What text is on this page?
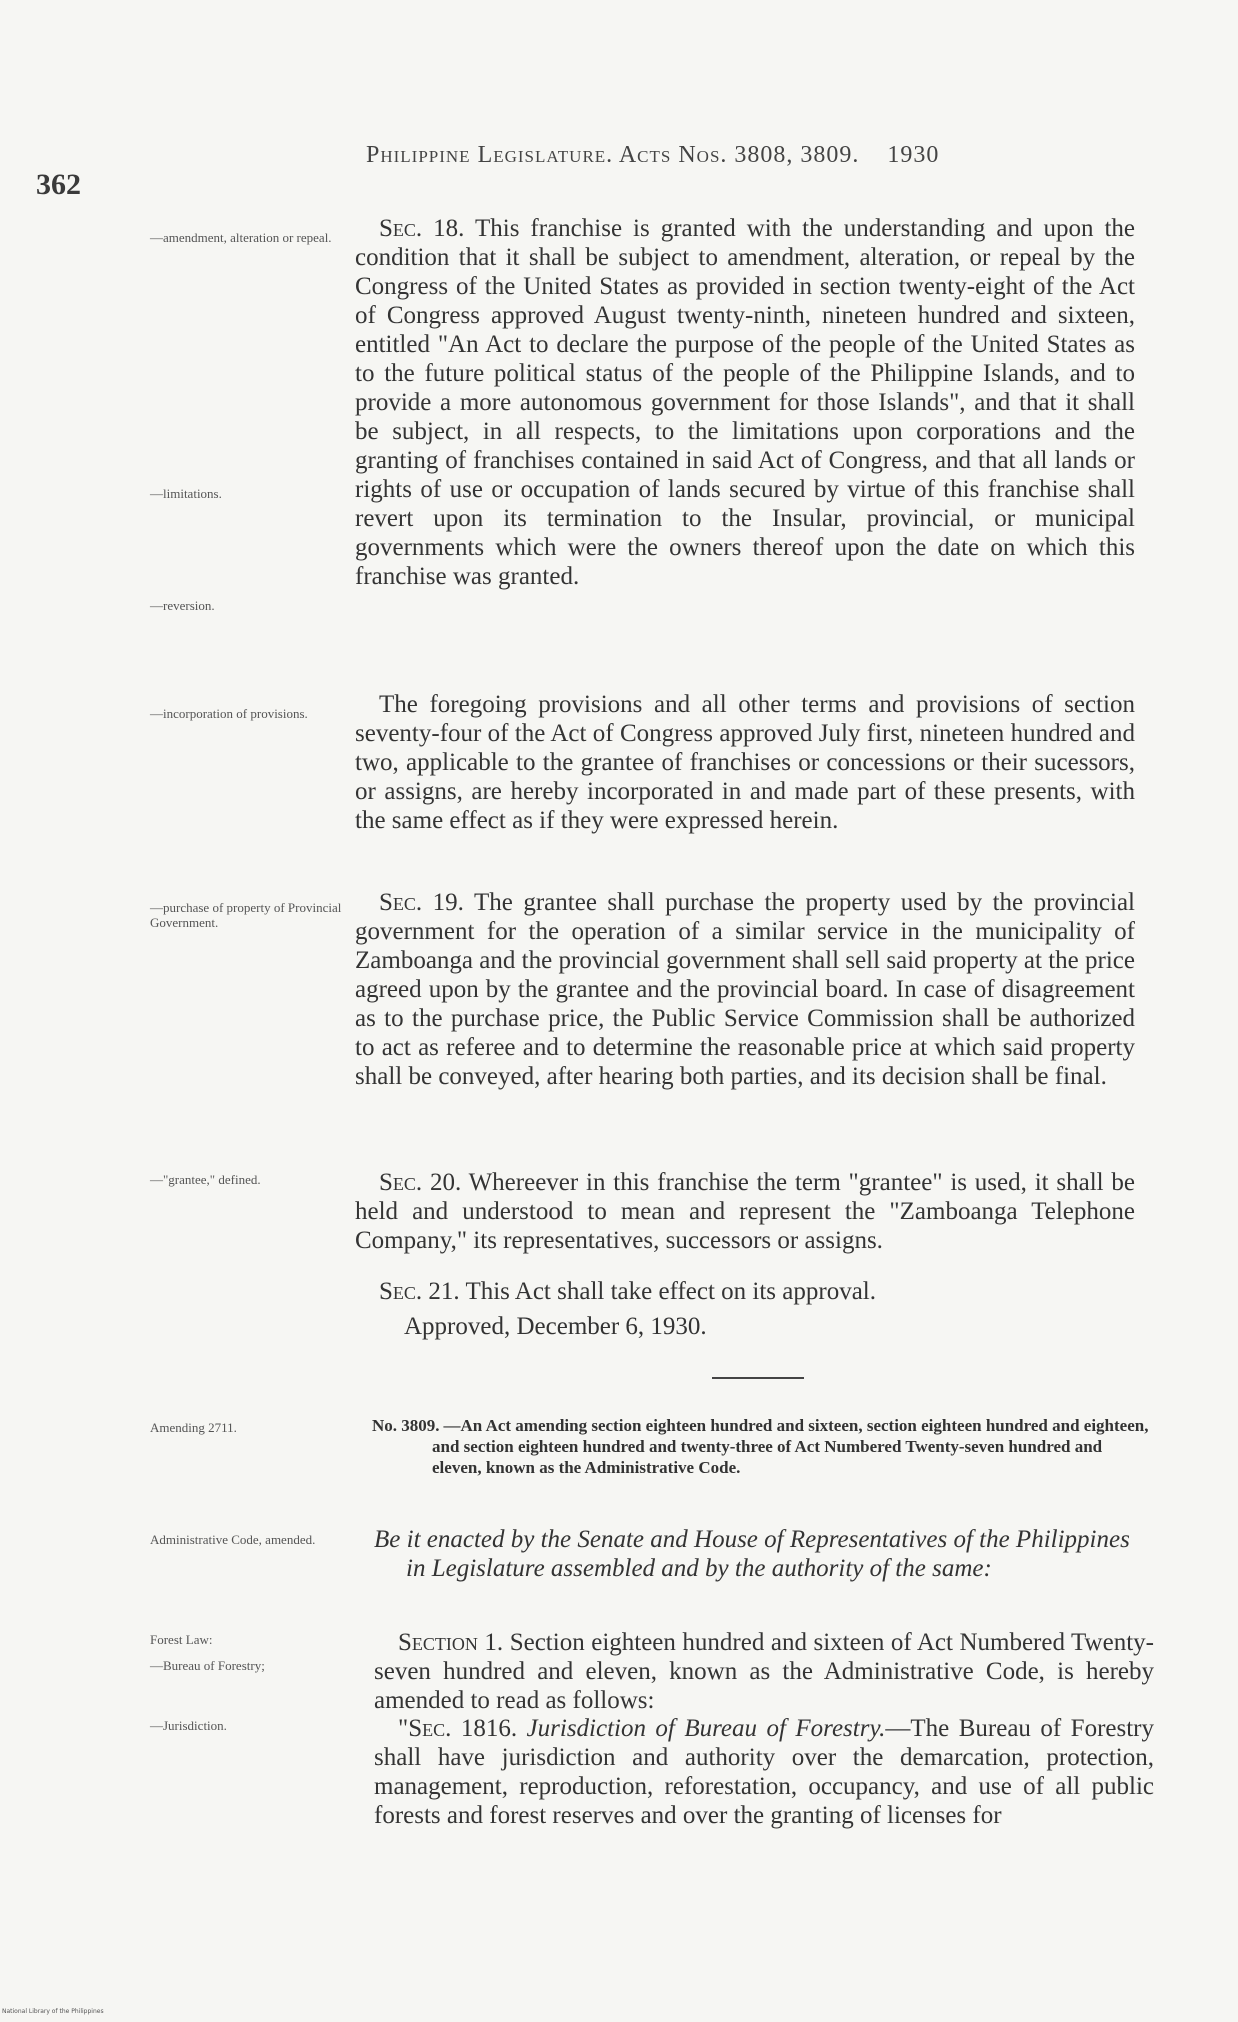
362
Philippine Legislature. Acts Nos. 3808, 3809. 1930
—amendment, alteration or repeal.
—limitations.
—reversion.
—incorporation of provisions.
—purchase of property of Provincial Government.
—"grantee," defined.
Amending 2711.
Administrative Code, amended.
Forest Law:
—Bureau of Forestry;
—Jurisdiction.
Sec. 18. This franchise is granted with the understanding and upon the condition that it shall be subject to amendment, alteration, or repeal by the Congress of the United States as provided in section twenty-eight of the Act of Congress approved August twenty-ninth, nineteen hundred and sixteen, entitled "An Act to declare the purpose of the people of the United States as to the future political status of the people of the Philippine Islands, and to provide a more autonomous government for those Islands", and that it shall be subject, in all respects, to the limitations upon corporations and the granting of franchises contained in said Act of Congress, and that all lands or rights of use or occupation of lands secured by virtue of this franchise shall revert upon its termination to the Insular, provincial, or municipal governments which were the owners thereof upon the date on which this franchise was granted.
The foregoing provisions and all other terms and provisions of section seventy-four of the Act of Congress approved July first, nineteen hundred and two, applicable to the grantee of franchises or concessions or their sucessors, or assigns, are hereby incorporated in and made part of these presents, with the same effect as if they were expressed herein.
Sec. 19. The grantee shall purchase the property used by the provincial government for the operation of a similar service in the municipality of Zamboanga and the provincial government shall sell said property at the price agreed upon by the grantee and the provincial board. In case of disagreement as to the purchase price, the Public Service Commission shall be authorized to act as referee and to determine the reasonable price at which said property shall be conveyed, after hearing both parties, and its decision shall be final.
Sec. 20. Whereever in this franchise the term "grantee" is used, it shall be held and understood to mean and represent the "Zamboanga Telephone Company," its representatives, successors or assigns.
Sec. 21. This Act shall take effect on its approval.
Approved, December 6, 1930.
No. 3809. —An Act amending section eighteen hundred and sixteen, section eighteen hundred and eighteen, and section eighteen hundred and twenty-three of Act Numbered Twenty-seven hundred and eleven, known as the Administrative Code.
Be it enacted by the Senate and House of Representatives of the Philippines in Legislature assembled and by the authority of the same:
Section 1. Section eighteen hundred and sixteen of Act Numbered Twenty-seven hundred and eleven, known as the Administrative Code, is hereby amended to read as follows:
"Sec. 1816. Jurisdiction of Bureau of Forestry.—The Bureau of Forestry shall have jurisdiction and authority over the demarcation, protection, management, reproduction, reforestation, occupancy, and use of all public forests and forest reserves and over the granting of licenses for
National Library of the Philippines
